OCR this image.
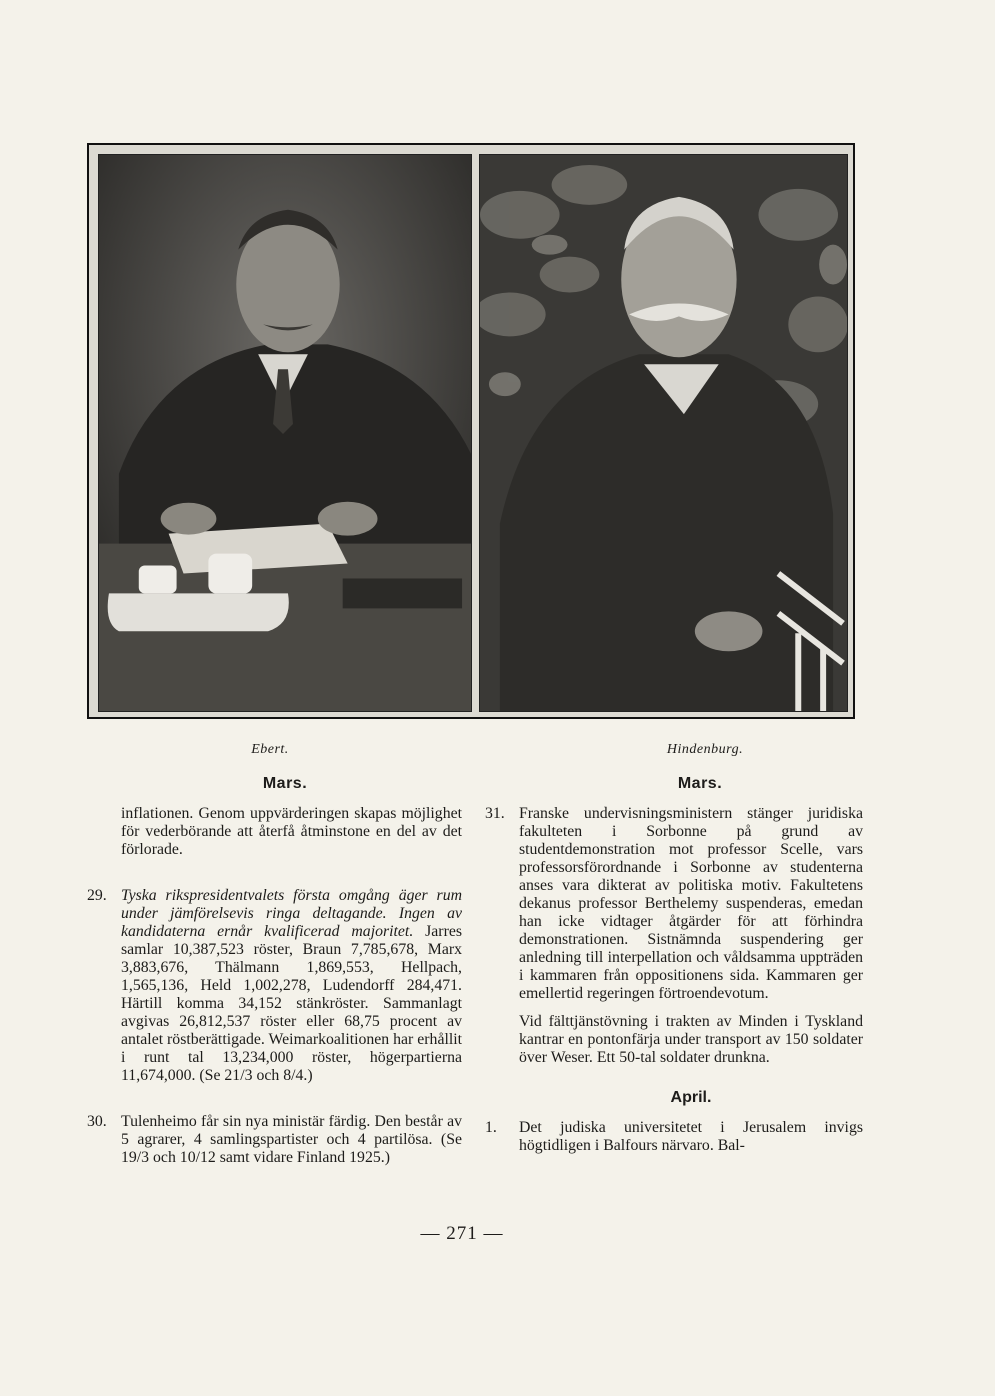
Ebert.	Hindenburg.
Mars.	Mars.

inflationen. Genom uppvärderingen skapas möjlighet för vederbörande att återfå åtminstone en del av det förlorade.

29. Tyska rikspresidentvalets första omgång äger rum under jämförelsevis ringa deltagande. Ingen av kandidaterna ernår kvalificerad majoritet. Jarres samlar 10,387,523 röster, Braun 7,785,678, Marx 3,883,676, Thälmann 1,869,553, Hellpach, 1,565,136, Held 1,002,278, Ludendorff 284,471. Härtill komma 34,152 stänkröster. Sammanlagt avgivas 26,812,537 röster eller 68,75 procent av antalet röstberättigade. Weimarkoalitionen har erhållit i runt tal 13,234,000 röster, högerpartierna 11,674,000. (Se 21/3 och 8/4.)

30. Tulenheimo får sin nya ministär färdig. Den består av 5 agrarer, 4 samlingspartister och 4 partilösa. (Se 19/3 och 10/12 samt vidare Finland 1925.)

31. Franske undervisningsministern stänger juridiska fakulteten i Sorbonne på grund av studentdemonstration mot professor Scelle, vars professorsförordnande i Sorbonne av studenterna anses vara dikterat av politiska motiv. Fakultetens dekanus professor Berthelemy suspenderas, emedan han icke vidtager åtgärder för att förhindra demonstrationen. Sistnämnda suspendering ger anledning till interpellation och våldsamma uppträden i kammaren från oppositionens sida. Kammaren ger emellertid regeringen förtroendevotum.

Vid fälttjänstövning i trakten av Minden i Tyskland kantrar en pontonfärja under transport av 150 soldater över Weser. Ett 50-tal soldater drunkna.

April.
1. Det judiska universitetet i Jerusalem invigs högtidligen i Balfours närvaro. Bal-

— 271 —
